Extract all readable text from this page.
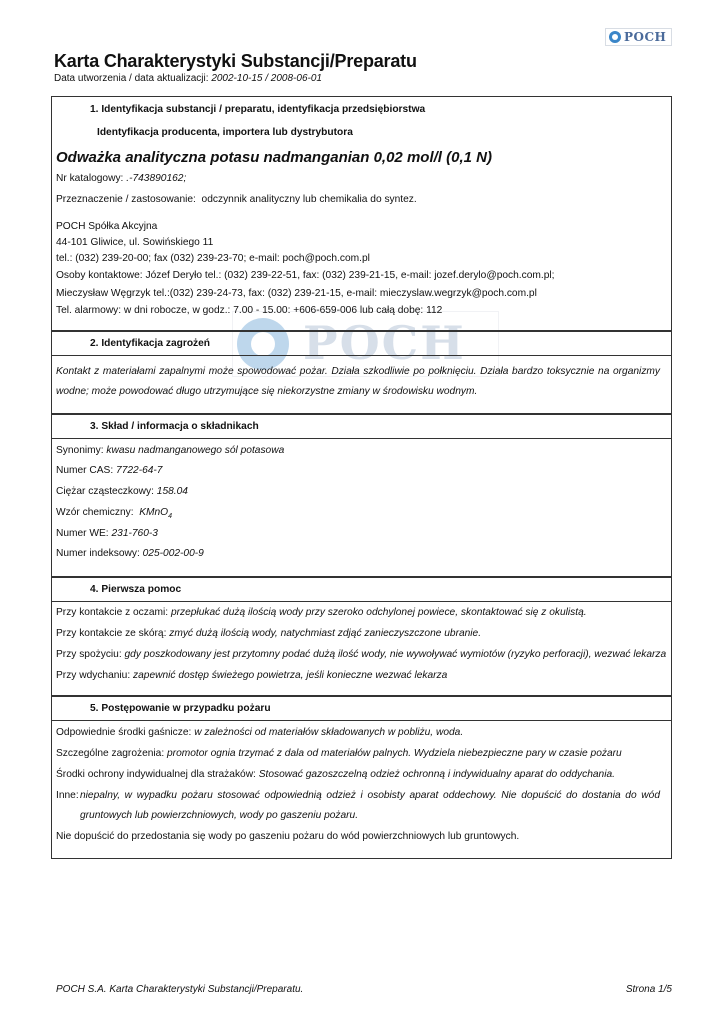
POCH
Karta Charakterystyki Substancji/Preparatu
Data utworzenia / data aktualizacji: 2002-10-15 / 2008-06-01
POCH
1. Identyfikacja substancji / preparatu, identyfikacja przedsiębiorstwa
Identyfikacja producenta, importera lub dystrybutora
Odważka analityczna potasu nadmanganian 0,02 mol/l (0,1 N)
Nr katalogowy: .-743890162;
Przeznaczenie / zastosowanie: odczynnik analityczny lub chemikalia do syntez.
POCH Spółka Akcyjna
44-101 Gliwice, ul. Sowińskiego 11
tel.: (032) 239-20-00; fax (032) 239-23-70; e-mail: poch@poch.com.pl
Osoby kontaktowe: Józef Deryło tel.: (032) 239-22-51, fax: (032) 239-21-15, e-mail: jozef.derylo@poch.com.pl;
Mieczysław Węgrzyk tel.:(032) 239-24-73, fax: (032) 239-21-15, e-mail: mieczyslaw.wegrzyk@poch.com.pl
Tel. alarmowy: w dni robocze, w godz.: 7.00 - 15.00: +606-659-006 lub całą dobę: 112
2. Identyfikacja zagrożeń
Kontakt z materiałami zapalnymi może spowodować pożar. Działa szkodliwie po połknięciu. Działa bardzo toksycznie na organizmy
wodne; może powodować długo utrzymujące się niekorzystne zmiany w środowisku wodnym.
3. Skład / informacja o składnikach
Synonimy: kwasu nadmanganowego sól potasowa
Numer CAS: 7722-64-7
Ciężar cząsteczkowy: 158.04
Wzór chemiczny: KMnO$_4$
Numer WE: 231-760-3
Numer indeksowy: 025-002-00-9
4. Pierwsza pomoc
Przy kontakcie z oczami: przepłukać dużą ilością wody przy szeroko odchylonej powiece, skontaktować się z okulistą.
Przy kontakcie ze skórą: zmyć dużą ilością wody, natychmiast zdjąć zanieczyszczone ubranie.
Przy spożyciu: gdy poszkodowany jest przytomny podać dużą ilość wody, nie wywoływać wymiotów (ryzyko perforacji), wezwać lekarza
Przy wdychaniu: zapewnić dostęp świeżego powietrza, jeśli konieczne wezwać lekarza
5. Postępowanie w przypadku pożaru
Odpowiednie środki gaśnicze: w zależności od materiałów składowanych w pobliżu, woda.
Szczególne zagrożenia: promotor ognia trzymać z dala od materiałów palnych. Wydziela niebezpieczne pary w czasie pożaru
Środki ochrony indywidualnej dla strażaków: Stosować gazoszczelną odzież ochronną i indywidualny aparat do oddychania.
Inne: niepalny, w wypadku pożaru stosować odpowiednią odzież i osobisty aparat oddechowy. Nie dopuścić do dostania do wód
gruntowych lub powierzchniowych, wody po gaszeniu pożaru.
Nie dopuścić do przedostania się wody po gaszeniu pożaru do wód powierzchniowych lub gruntowych.
POCH S.A. Karta Charakterystyki Substancji/Preparatu.	Strona 1/5
